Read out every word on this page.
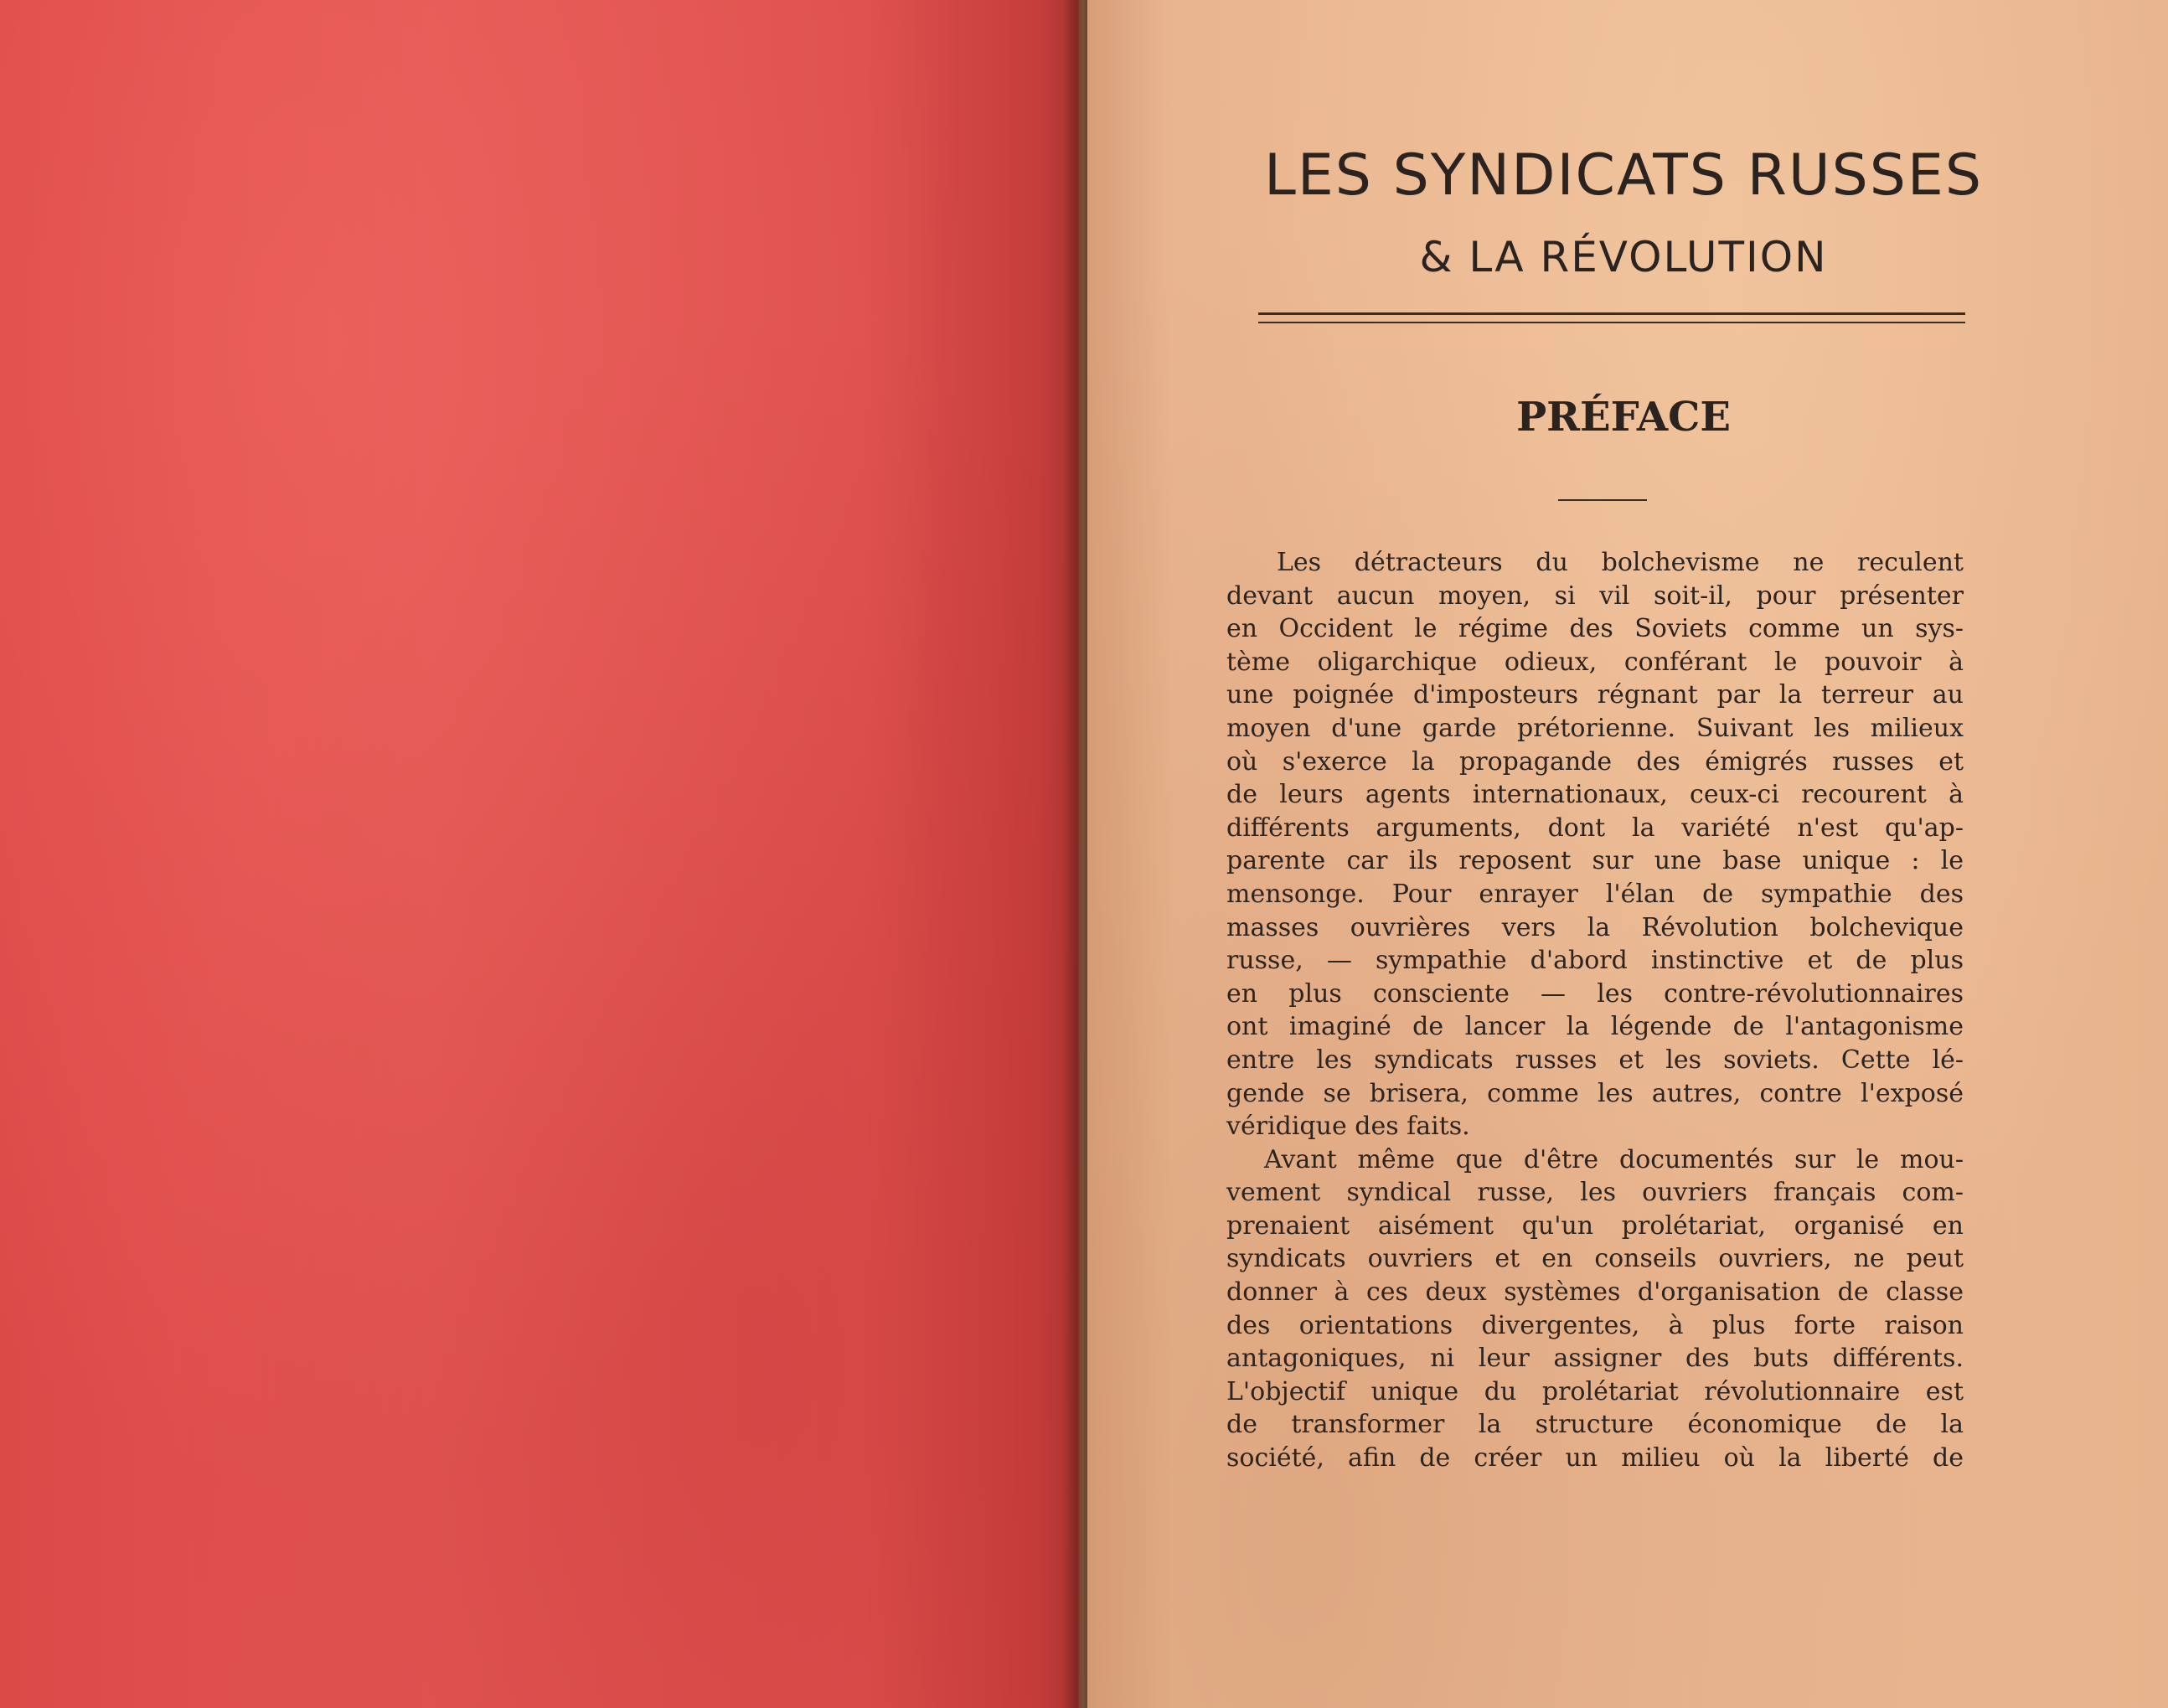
LES SYNDICATS RUSSES
& LA RÉVOLUTION
PRÉFACE
Les détracteurs du bolchevisme ne reculent
devant aucun moyen, si vil soit-il, pour présenter
en Occident le régime des Soviets comme un sys-
tème oligarchique odieux, conférant le pouvoir à
une poignée d'imposteurs régnant par la terreur au
moyen d'une garde prétorienne. Suivant les milieux
où s'exerce la propagande des émigrés russes et
de leurs agents internationaux, ceux-ci recourent à
différents arguments, dont la variété n'est qu'ap-
parente car ils reposent sur une base unique : le
mensonge. Pour enrayer l'élan de sympathie des
masses ouvrières vers la Révolution bolchevique
russe, — sympathie d'abord instinctive et de plus
en plus consciente — les contre-révolutionnaires
ont imaginé de lancer la légende de l'antagonisme
entre les syndicats russes et les soviets. Cette lé-
gende se brisera, comme les autres, contre l'exposé
véridique des faits.
Avant même que d'être documentés sur le mou-
vement syndical russe, les ouvriers français com-
prenaient aisément qu'un prolétariat, organisé en
syndicats ouvriers et en conseils ouvriers, ne peut
donner à ces deux systèmes d'organisation de classe
des orientations divergentes, à plus forte raison
antagoniques, ni leur assigner des buts différents.
L'objectif unique du prolétariat révolutionnaire est
de transformer la structure économique de la
société, afin de créer un milieu où la liberté de
